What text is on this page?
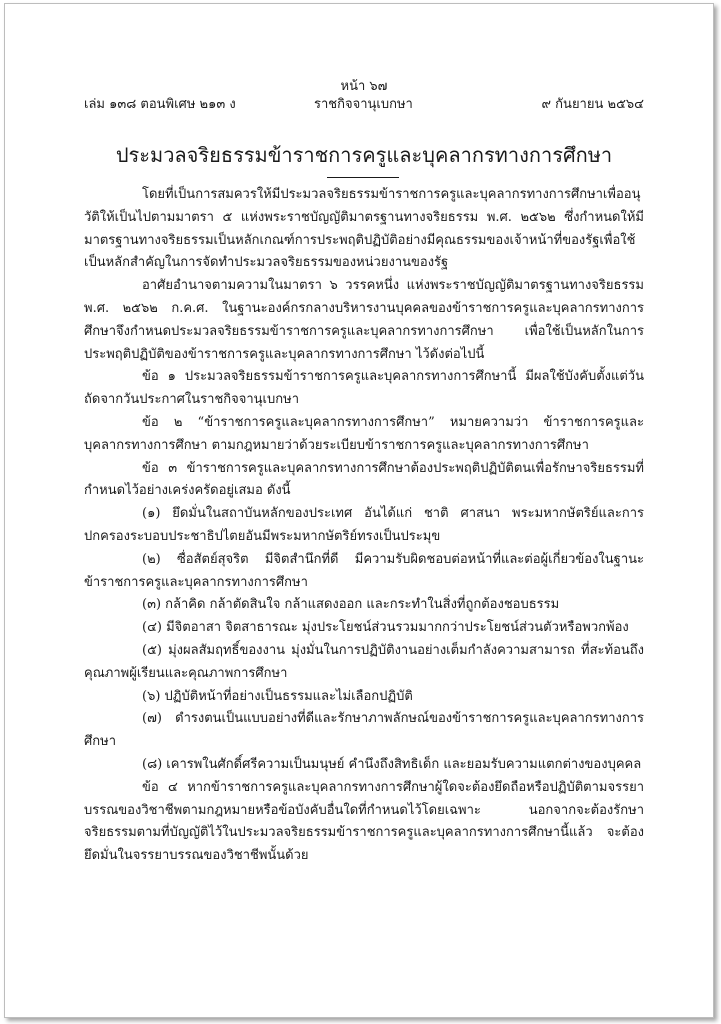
หน้า ๖๗
เล่ม ๑๓๘ ตอนพิเศษ ๒๑๓ ง	ราชกิจจานุเบกษา	๙ กันยายน ๒๕๖๔
ประมวลจริยธรรมข้าราชการครูและบุคลากรทางการศึกษา

โดยที่เป็นการสมควรให้มีประมวลจริยธรรมข้าราชการครูและบุคลากรทางการศึกษาเพื่ออนุวัติให้เป็นไปตามมาตรา ๕ แห่งพระราชบัญญัติมาตรฐานทางจริยธรรม พ.ศ. ๒๕๖๒ ซึ่งกำหนดให้มีมาตรฐานทางจริยธรรมเป็นหลักเกณฑ์การประพฤติปฏิบัติอย่างมีคุณธรรมของเจ้าหน้าที่ของรัฐเพื่อใช้เป็นหลักสำคัญในการจัดทำประมวลจริยธรรมของหน่วยงานของรัฐ

อาศัยอำนาจตามความในมาตรา ๖ วรรคหนึ่ง แห่งพระราชบัญญัติมาตรฐานทางจริยธรรม พ.ศ. ๒๕๖๒ ก.ค.ศ. ในฐานะองค์กรกลางบริหารงานบุคคลของข้าราชการครูและบุคลากรทางการศึกษาจึงกำหนดประมวลจริยธรรมข้าราชการครูและบุคลากรทางการศึกษา เพื่อใช้เป็นหลักในการประพฤติปฏิบัติของข้าราชการครูและบุคลากรทางการศึกษา ไว้ดังต่อไปนี้

ข้อ ๑ ประมวลจริยธรรมข้าราชการครูและบุคลากรทางการศึกษานี้ มีผลใช้บังคับตั้งแต่วันถัดจากวันประกาศในราชกิจจานุเบกษา

ข้อ ๒ “ข้าราชการครูและบุคลากรทางการศึกษา” หมายความว่า ข้าราชการครูและบุคลากรทางการศึกษา ตามกฎหมายว่าด้วยระเบียบข้าราชการครูและบุคลากรทางการศึกษา

ข้อ ๓ ข้าราชการครูและบุคลากรทางการศึกษาต้องประพฤติปฏิบัติตนเพื่อรักษาจริยธรรมที่กำหนดไว้อย่างเคร่งครัดอยู่เสมอ ดังนี้

(๑) ยึดมั่นในสถาบันหลักของประเทศ อันได้แก่ ชาติ ศาสนา พระมหากษัตริย์และการปกครองระบอบประชาธิปไตยอันมีพระมหากษัตริย์ทรงเป็นประมุข

(๒) ซื่อสัตย์สุจริต มีจิตสำนึกที่ดี มีความรับผิดชอบต่อหน้าที่และต่อผู้เกี่ยวข้องในฐานะข้าราชการครูและบุคลากรทางการศึกษา

(๓) กล้าคิด กล้าตัดสินใจ กล้าแสดงออก และกระทำในสิ่งที่ถูกต้องชอบธรรม

(๔) มีจิตอาสา จิตสาธารณะ มุ่งประโยชน์ส่วนรวมมากกว่าประโยชน์ส่วนตัวหรือพวกพ้อง

(๕) มุ่งผลสัมฤทธิ์ของงาน มุ่งมั่นในการปฏิบัติงานอย่างเต็มกำลังความสามารถ ที่สะท้อนถึงคุณภาพผู้เรียนและคุณภาพการศึกษา

(๖) ปฏิบัติหน้าที่อย่างเป็นธรรมและไม่เลือกปฏิบัติ

(๗) ดำรงตนเป็นแบบอย่างที่ดีและรักษาภาพลักษณ์ของข้าราชการครูและบุคลากรทางการศึกษา

(๘) เคารพในศักดิ์ศรีความเป็นมนุษย์ คำนึงถึงสิทธิเด็ก และยอมรับความแตกต่างของบุคคล

ข้อ ๔ หากข้าราชการครูและบุคลากรทางการศึกษาผู้ใดจะต้องยึดถือหรือปฏิบัติตามจรรยาบรรณของวิชาชีพตามกฎหมายหรือข้อบังคับอื่นใดที่กำหนดไว้โดยเฉพาะ นอกจากจะต้องรักษาจริยธรรมตามที่บัญญัติไว้ในประมวลจริยธรรมข้าราชการครูและบุคลากรทางการศึกษานี้แล้ว จะต้องยึดมั่นในจรรยาบรรณของวิชาชีพนั้นด้วย
